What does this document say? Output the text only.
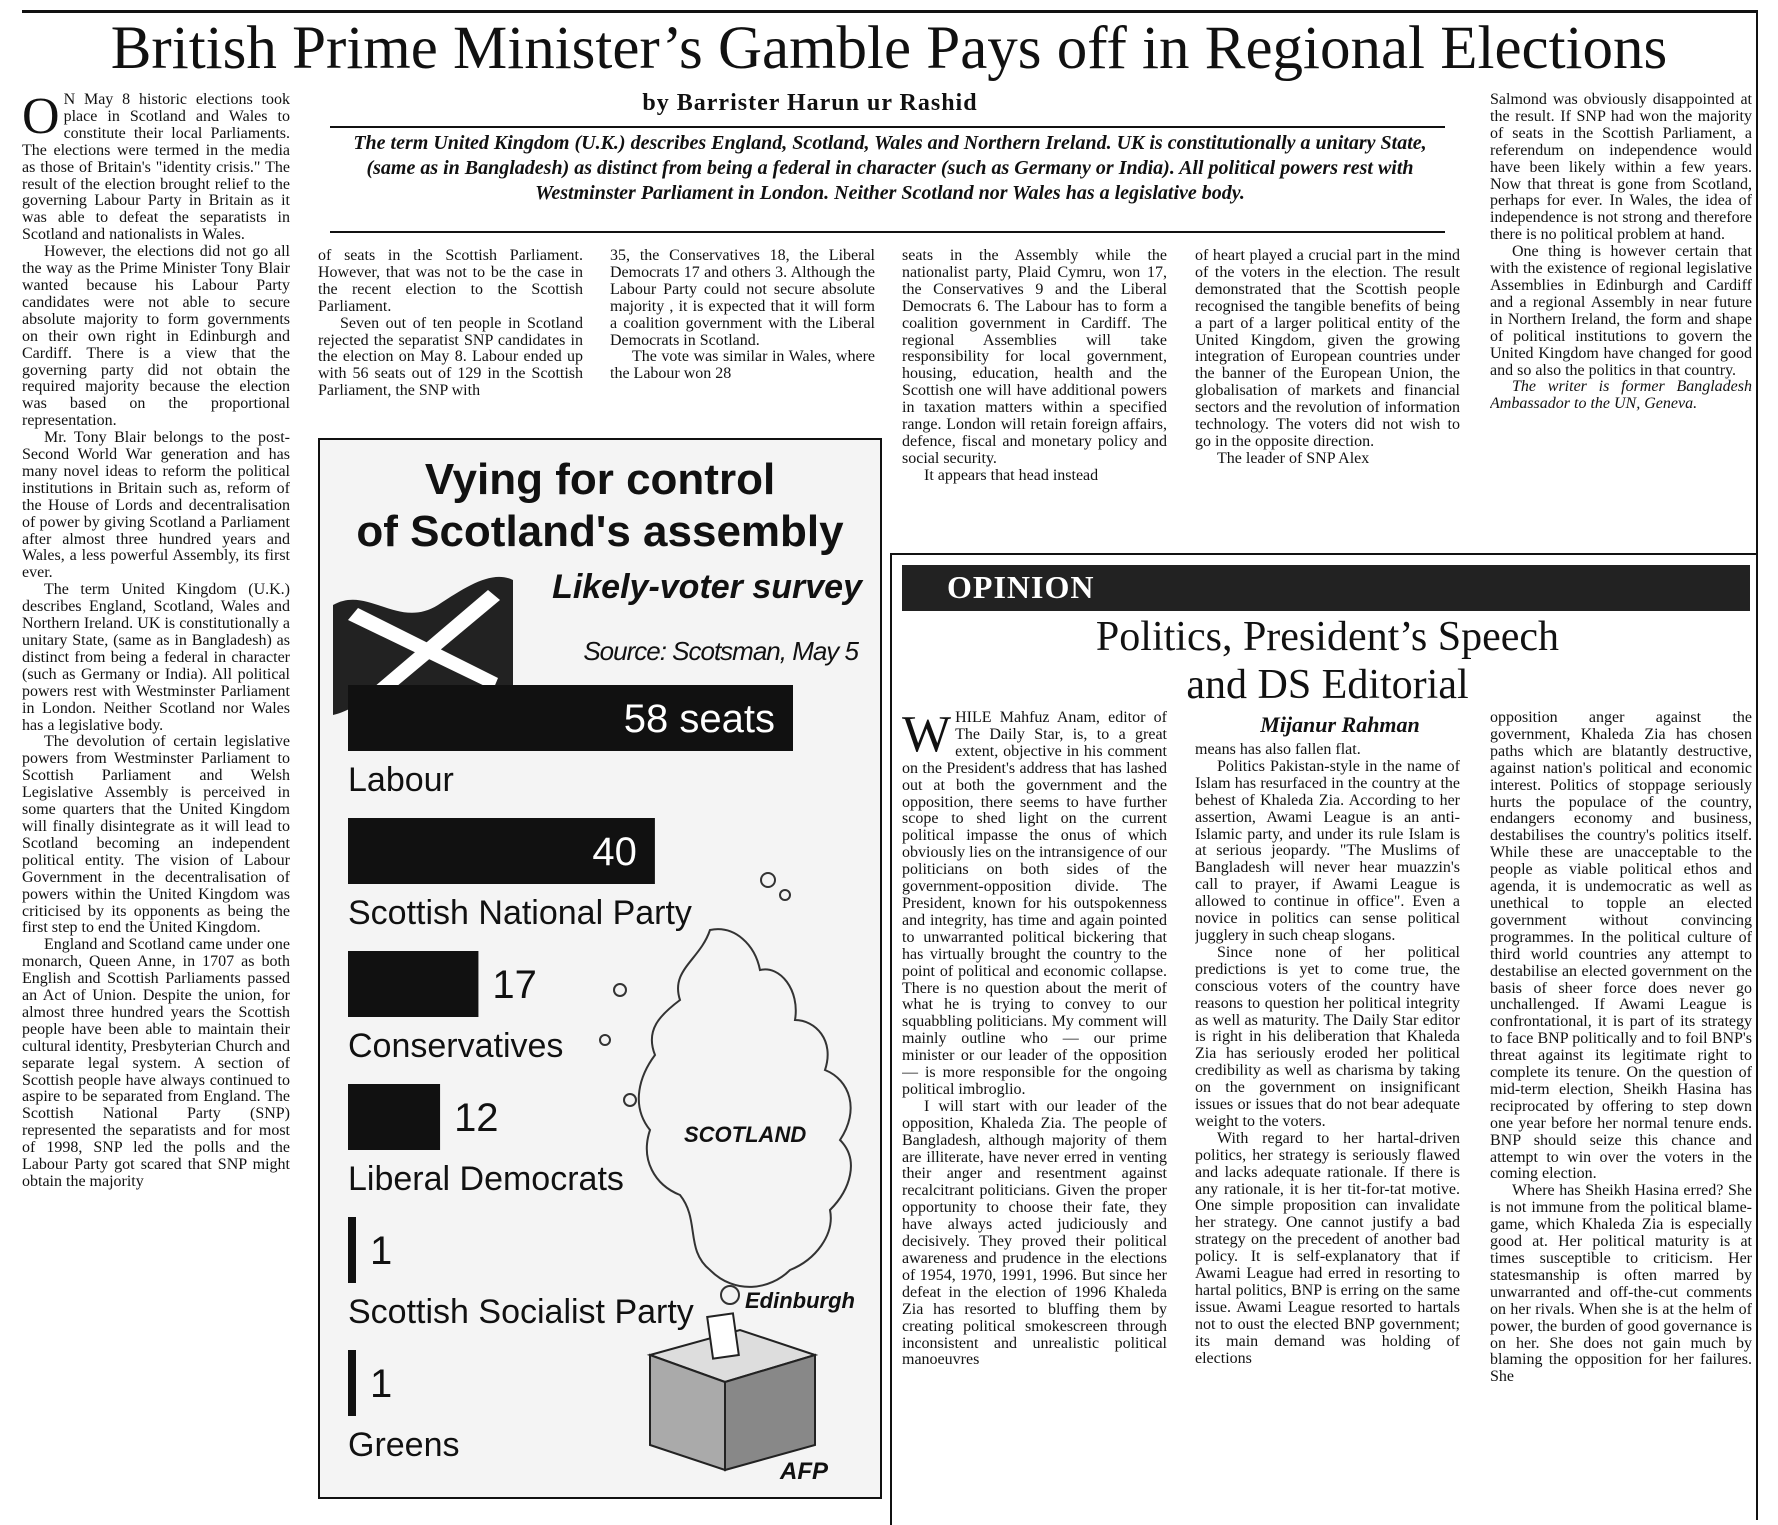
British Prime Minister’s Gamble Pays off in Regional Elections
by Barrister Harun ur Rashid
The term United Kingdom (U.K.) describes England, Scotland, Wales and Northern Ireland. UK is constitutionally a unitary State, (same as in Bangladesh) as distinct from being a federal in character (such as Germany or India). All political powers rest with Westminster Parliament in London. Neither Scotland nor Wales has a legislative body.
O N May 8 historic elections took place in Scotland and Wales to constitute their local Parliaments. The elections were termed in the media as those of Britain's "identity crisis." The result of the election brought relief to the governing Labour Party in Britain as it was able to defeat the separatists in Scotland and nationalists in Wales.

However, the elections did not go all the way as the Prime Minister Tony Blair wanted because his Labour Party candidates were not able to secure absolute majority to form governments on their own right in Edinburgh and Cardiff. There is a view that the governing party did not obtain the required majority because the election was based on the proportional representation.

Mr. Tony Blair belongs to the post-Second World War generation and has many novel ideas to reform the political institutions in Britain such as, reform of the House of Lords and decentralisation of power by giving Scotland a Parliament after almost three hundred years and Wales, a less powerful Assembly, its first ever.

The term United Kingdom (U.K.) describes England, Scotland, Wales and Northern Ireland. UK is constitutionally a unitary State, (same as in Bangladesh) as distinct from being a federal in character (such as Germany or India). All political powers rest with Westminster Parliament in London. Neither Scotland nor Wales has a legislative body.

The devolution of certain legislative powers from Westminster Parliament to Scottish Parliament and Welsh Legislative Assembly is perceived in some quarters that the United Kingdom will finally disintegrate as it will lead to Scotland becoming an independent political entity. The vision of Labour Government in the decentralisation of powers within the United Kingdom was criticised by its opponents as being the first step to end the United Kingdom.

England and Scotland came under one monarch, Queen Anne, in 1707 as both English and Scottish Parliaments passed an Act of Union. Despite the union, for almost three hundred years the Scottish people have been able to maintain their cultural identity, Presbyterian Church and separate legal system. A section of Scottish people have always continued to aspire to be separated from England. The Scottish National Party (SNP) represented the separatists and for most of 1998, SNP led the polls and the Labour Party got scared that SNP might obtain the majority

of seats in the Scottish Parliament. However, that was not to be the case in the recent election to the Scottish Parliament.

Seven out of ten people in Scotland rejected the separatist SNP candidates in the election on May 8. Labour ended up with 56 seats out of 129 in the Scottish Parliament, the SNP with

35, the Conservatives 18, the Liberal Democrats 17 and others 3. Although the Labour Party could not secure absolute majority , it is expected that it will form a coalition government with the Liberal Democrats in Scotland.

The vote was similar in Wales, where the Labour won 28

seats in the Assembly while the nationalist party, Plaid Cymru, won 17, the Conservatives 9 and the Liberal Democrats 6. The Labour has to form a coalition government in Cardiff. The regional Assemblies will take responsibility for local government, housing, education, health and the Scottish one will have additional powers in taxation matters within a specified range. London will retain foreign affairs, defence, fiscal and monetary policy and social security.

It appears that head instead

of heart played a crucial part in the mind of the voters in the election. The result demonstrated that the Scottish people recognised the tangible benefits of being a part of a larger political entity of the United Kingdom, given the growing integration of European countries under the banner of the European Union, the globalisation of markets and financial sectors and the revolution of information technology. The voters did not wish to go in the opposite direction.

The leader of SNP Alex

Salmond was obviously disappointed at the result. If SNP had won the majority of seats in the Scottish Parliament, a referendum on independence would have been likely within a few years. Now that threat is gone from Scotland, perhaps for ever. In Wales, the idea of independence is not strong and therefore there is no political problem at hand.

One thing is however certain that with the existence of regional legislative Assemblies in Edinburgh and Cardiff and a regional Assembly in near future in Northern Ireland, the form and shape of political institutions to govern the United Kingdom have changed for good and so also the politics in that country.

The writer is former Bangladesh Ambassador to the UN, Geneva.

Vying for control
of Scotland's assembly
Likely-voter survey
Source: Scotsman, May 5
SCOTLAND
Edinburgh
AFP
58 seats
Labour
40
Scottish National Party
17
Conservatives
12
Liberal Democrats
1
Scottish Socialist Party
1
Greens
OPINION
Politics, President’s Speech
and DS Editorial
Mijanur Rahman
W HILE Mahfuz Anam, editor of The Daily Star, is, to a great extent, objective in his comment on the President's address that has lashed out at both the government and the opposition, there seems to have further scope to shed light on the current political impasse the onus of which obviously lies on the intransigence of our politicians on both sides of the government-opposition divide. The President, known for his outspokenness and integrity, has time and again pointed to unwarranted political bickering that has virtually brought the country to the point of political and economic collapse. There is no question about the merit of what he is trying to convey to our squabbling politicians. My comment will mainly outline who — our prime minister or our leader of the opposition — is more responsible for the ongoing political imbroglio.

I will start with our leader of the opposition, Khaleda Zia. The people of Bangladesh, although majority of them are illiterate, have never erred in venting their anger and resentment against recalcitrant politicians. Given the proper opportunity to choose their fate, they have always acted judiciously and decisively. They proved their political awareness and prudence in the elections of 1954, 1970, 1991, 1996. But since her defeat in the election of 1996 Khaleda Zia has resorted to bluffing them by creating political smokescreen through inconsistent and unrealistic political manoeuvres

means has also fallen flat.

Politics Pakistan-style in the name of Islam has resurfaced in the country at the behest of Khaleda Zia. According to her assertion, Awami League is an anti-Islamic party, and under its rule Islam is at serious jeopardy. "The Muslims of Bangladesh will never hear muazzin's call to prayer, if Awami League is allowed to continue in office". Even a novice in politics can sense political jugglery in such cheap slogans.

Since none of her political predictions is yet to come true, the conscious voters of the country have reasons to question her political integrity as well as maturity. The Daily Star editor is right in his deliberation that Khaleda Zia has seriously eroded her political credibility as well as charisma by taking on the government on insignificant issues or issues that do not bear adequate weight to the voters.

With regard to her hartal-driven politics, her strategy is seriously flawed and lacks adequate rationale. If there is any rationale, it is her tit-for-tat motive. One simple proposition can invalidate her strategy. One cannot justify a bad strategy on the precedent of another bad policy. It is self-explanatory that if Awami League had erred in resorting to hartal politics, BNP is erring on the same issue. Awami League resorted to hartals not to oust the elected BNP government; its main demand was holding of elections

opposition anger against the government, Khaleda Zia has chosen paths which are blatantly destructive, against nation's political and economic interest. Politics of stoppage seriously hurts the populace of the country, endangers economy and business, destabilises the country's politics itself. While these are unacceptable to the people as viable political ethos and agenda, it is undemocratic as well as unethical to topple an elected government without convincing programmes. In the political culture of third world countries any attempt to destabilise an elected government on the basis of sheer force does never go unchallenged. If Awami League is confrontational, it is part of its strategy to face BNP politically and to foil BNP's threat against its legitimate right to complete its tenure. On the question of mid-term election, Sheikh Hasina has reciprocated by offering to step down one year before her normal tenure ends. BNP should seize this chance and attempt to win over the voters in the coming election.

Where has Sheikh Hasina erred? She is not immune from the political blame-game, which Khaleda Zia is especially good at. Her political maturity is at times susceptible to criticism. Her statesmanship is often marred by unwarranted and off-the-cut comments on her rivals. When she is at the helm of power, the burden of good governance is on her. She does not gain much by blaming the opposition for her failures. She
